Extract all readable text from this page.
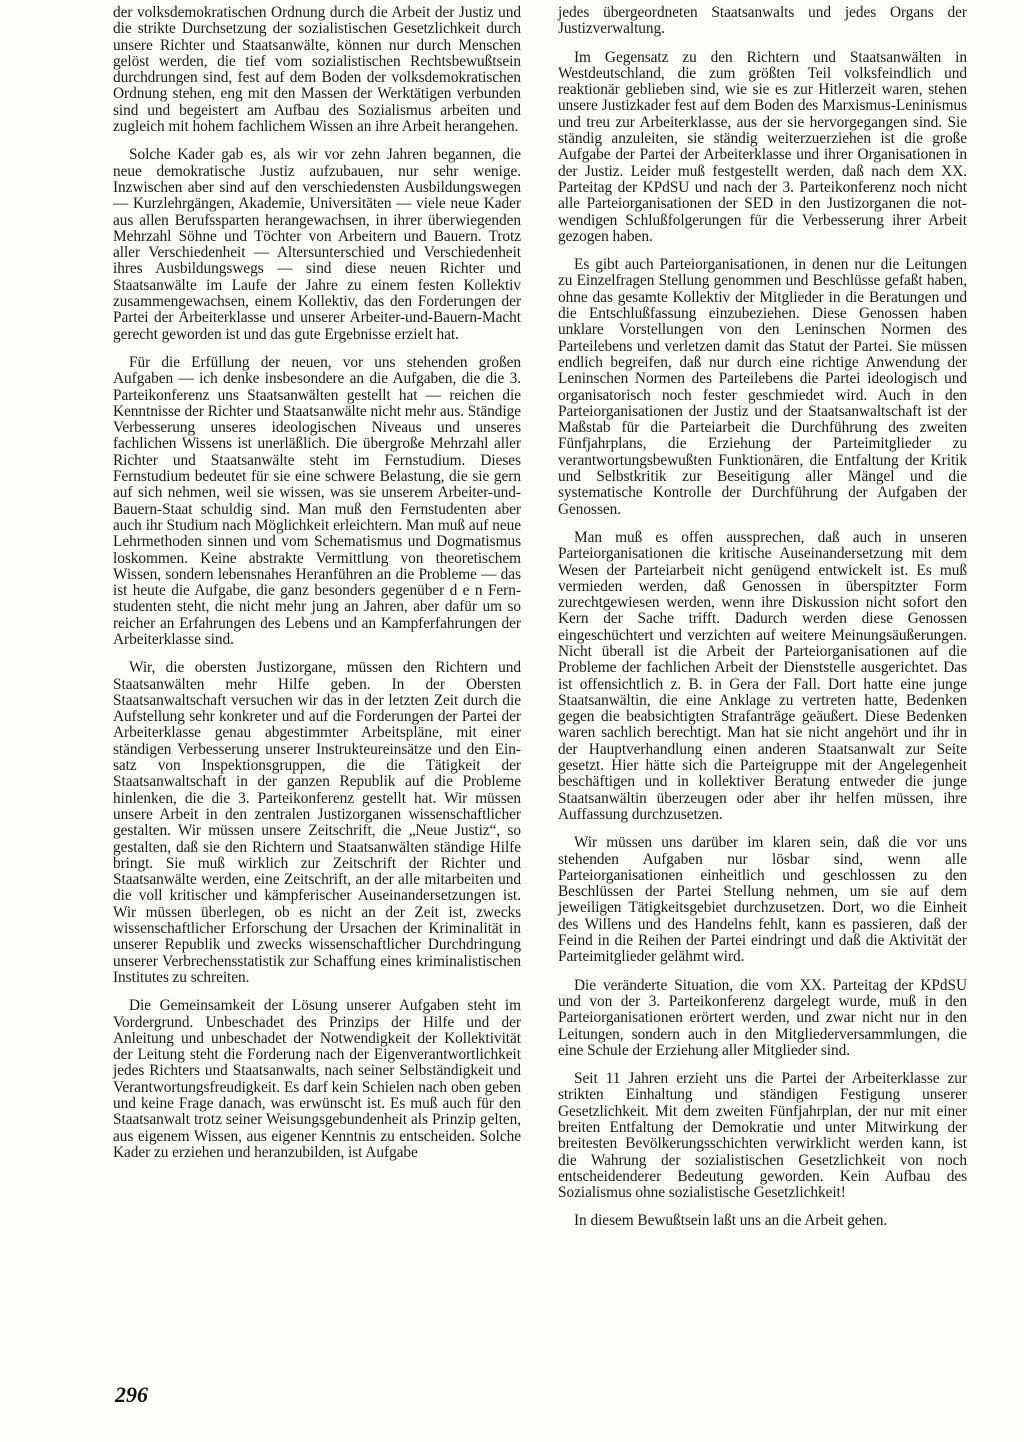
der volksdemokratischen Ordnung durch die Arbeit der Justiz und die strikte Durchsetzung der sozialistischen Gesetzlichkeit durch unsere Richter und Staatsanwälte, können nur durch Menschen gelöst werden, die tief vom sozialistischen Rechtsbewußtsein durchdrungen sind, fest auf dem Boden der volksdemokratischen Ordnung stehen, eng mit den Massen der Werktätigen verbunden sind und begeistert am Aufbau des Sozialismus arbeiten und zugleich mit hohem fachlichem Wissen an ihre Arbeit herangehen.

Solche Kader gab es, als wir vor zehn Jahren begannen, die neue demokratische Justiz aufzubauen, nur sehr wenige. Inzwischen aber sind auf den verschiedensten Ausbildungswegen — Kurzlehrgängen, Akademie, Universitäten — viele neue Kader aus allen Berufssparten herangewachsen, in ihrer überwiegenden Mehrzahl Söhne und Töchter von Arbeitern und Bauern. Trotz aller Verschiedenheit — Altersunterschied und Verschiedenheit ihres Ausbildungswegs — sind diese neuen Richter und Staatsanwälte im Laufe der Jahre zu einem festen Kollektiv zusammengewachsen, einem Kollektiv, das den Forderungen der Partei der Arbeiterklasse und unserer Arbeiter-und-Bauern-Macht gerecht geworden ist und das gute Ergebnisse erzielt hat.

Für die Erfüllung der neuen, vor uns stehenden großen Aufgaben — ich denke insbesondere an die Aufgaben, die die 3. Parteikonferenz uns Staatsanwälten gestellt hat — reichen die Kenntnisse der Richter und Staatsanwälte nicht mehr aus. Ständige Verbesserung unseres ideologischen Niveaus und unseres fachlichen Wissens ist unerläßlich. Die übergroße Mehrzahl aller Richter und Staatsanwälte steht im Fernstudium. Dieses Fernstudium bedeutet für sie eine schwere Belastung, die sie gern auf sich nehmen, weil sie wissen, was sie unserem Arbeiter-und-Bauern-Staat schuldig sind. Man muß den Fernstudenten aber auch ihr Studium nach Möglichkeit erleichtern. Man muß auf neue Lehrmethoden sinnen und vom Schematismus und Dogmatismus loskommen. Keine abstrakte Vermittlung von theoretischem Wissen, sondern lebensnahes Heranführen an die Probleme — das ist heute die Aufgabe, die ganz besonders gegenüber d e n Fernstudenten steht, die nicht mehr jung an Jahren, aber dafür um so reicher an Erfahrungen des Lebens und an Kampferfahrungen der Arbeiterklasse sind.

Wir, die obersten Justizorgane, müssen den Richtern und Staatsanwälten mehr Hilfe geben. In der Obersten Staatsanwaltschaft versuchen wir das in der letzten Zeit durch die Aufstellung sehr konkreter und auf die Forderungen der Partei der Arbeiterklasse genau abgestimmter Arbeitspläne, mit einer ständigen Verbesserung unserer Instrukteureinsätze und den Einsatz von Inspektionsgruppen, die die Tätigkeit der Staatsanwaltschaft in der ganzen Republik auf die Probleme hinlenken, die die 3. Parteikonferenz gestellt hat. Wir müssen unsere Arbeit in den zentralen Justizorganen wissenschaftlicher gestalten. Wir müssen unsere Zeitschrift, die „Neue Justiz“, so gestalten, daß sie den Richtern und Staatsanwälten ständige Hilfe bringt. Sie muß wirklich zur Zeitschrift der Richter und Staatsanwälte werden, eine Zeitschrift, an der alle mitarbeiten und die voll kritischer und kämpferischer Auseinandersetzungen ist. Wir müssen überlegen, ob es nicht an der Zeit ist, zwecks wissenschaftlicher Erforschung der Ursachen der Kriminalität in unserer Republik und zwecks wissenschaftlicher Durchdringung unserer Verbrechensstatistik zur Schaffung eines kriminalistischen Institutes zu schreiten.

Die Gemeinsamkeit der Lösung unserer Aufgaben steht im Vordergrund. Unbeschadet des Prinzips der Hilfe und der Anleitung und unbeschadet der Notwendigkeit der Kollektivität der Leitung steht die Forderung nach der Eigenverantwortlichkeit jedes Richters und Staatsanwalts, nach seiner Selbständigkeit und Verantwortungsfreudigkeit. Es darf kein Schielen nach oben geben und keine Frage danach, was erwünscht ist. Es muß auch für den Staatsanwalt trotz seiner Weisungsgebundenheit als Prinzip gelten, aus eigenem Wissen, aus eigener Kenntnis zu entscheiden. Solche Kader zu erziehen und heranzubilden, ist Aufgabe

jedes übergeordneten Staatsanwalts und jedes Organs der Justizverwaltung.

Im Gegensatz zu den Richtern und Staatsanwälten in Westdeutschland, die zum größten Teil volksfeindlich und reaktionär geblieben sind, wie sie es zur Hitlerzeit waren, stehen unsere Justizkader fest auf dem Boden des Marxismus-Leninismus und treu zur Arbeiterklasse, aus der sie hervorgegangen sind. Sie ständig anzuleiten, sie ständig weiterzuerziehen ist die große Aufgabe der Partei der Arbeiterklasse und ihrer Organisationen in der Justiz. Leider muß festgestellt werden, daß nach dem XX. Parteitag der KPdSU und nach der 3. Parteikonferenz noch nicht alle Parteiorganisationen der SED in den Justizorganen die notwendigen Schlußfolgerungen für die Verbesserung ihrer Arbeit gezogen haben.

Es gibt auch Parteiorganisationen, in denen nur die Leitungen zu Einzelfragen Stellung genommen und Beschlüsse gefaßt haben, ohne das gesamte Kollektiv der Mitglieder in die Beratungen und die Entschlußfassung einzubeziehen. Diese Genossen haben unklare Vorstellungen von den Leninschen Normen des Parteilebens und verletzen damit das Statut der Partei. Sie müssen endlich begreifen, daß nur durch eine richtige Anwendung der Leninschen Normen des Parteilebens die Partei ideologisch und organisatorisch noch fester geschmiedet wird. Auch in den Parteiorganisationen der Justiz und der Staatsanwaltschaft ist der Maßstab für die Parteiarbeit die Durchführung des zweiten Fünfjahrplans, die Erziehung der Parteimitglieder zu verantwortungsbewußten Funktionären, die Entfaltung der Kritik und Selbstkritik zur Beseitigung aller Mängel und die systematische Kontrolle der Durchführung der Aufgaben der Genossen.

Man muß es offen aussprechen, daß auch in unseren Parteiorganisationen die kritische Auseinandersetzung mit dem Wesen der Parteiarbeit nicht genügend entwickelt ist. Es muß vermieden werden, daß Genossen in überspitzter Form zurechtgewiesen werden, wenn ihre Diskussion nicht sofort den Kern der Sache trifft. Dadurch werden diese Genossen eingeschüchtert und verzichten auf weitere Meinungsäußerungen. Nicht überall ist die Arbeit der Parteiorganisationen auf die Probleme der fachlichen Arbeit der Dienststelle ausgerichtet. Das ist offensichtlich z. B. in Gera der Fall. Dort hatte eine junge Staatsanwältin, die eine Anklage zu vertreten hatte, Bedenken gegen die beabsichtigten Strafanträge geäußert. Diese Bedenken waren sachlich berechtigt. Man hat sie nicht angehört und ihr in der Hauptverhandlung einen anderen Staatsanwalt zur Seite gesetzt. Hier hätte sich die Parteigruppe mit der Angelegenheit beschäftigen und in kollektiver Beratung entweder die junge Staatsanwältin überzeugen oder aber ihr helfen müssen, ihre Auffassung durchzusetzen.

Wir müssen uns darüber im klaren sein, daß die vor uns stehenden Aufgaben nur lösbar sind, wenn alle Parteiorganisationen einheitlich und geschlossen zu den Beschlüssen der Partei Stellung nehmen, um sie auf dem jeweiligen Tätigkeitsgebiet durchzusetzen. Dort, wo die Einheit des Willens und des Handelns fehlt, kann es passieren, daß der Feind in die Reihen der Partei eindringt und daß die Aktivität der Parteimitglieder gelähmt wird.

Die veränderte Situation, die vom XX. Parteitag der KPdSU und von der 3. Parteikonferenz dargelegt wurde, muß in den Parteiorganisationen erörtert werden, und zwar nicht nur in den Leitungen, sondern auch in den Mitgliederversammlungen, die eine Schule der Erziehung aller Mitglieder sind.

Seit 11 Jahren erzieht uns die Partei der Arbeiterklasse zur strikten Einhaltung und ständigen Festigung unserer Gesetzlichkeit. Mit dem zweiten Fünfjahrplan, der nur mit einer breiten Entfaltung der Demokratie und unter Mitwirkung der breitesten Bevölkerungsschichten verwirklicht werden kann, ist die Wahrung der sozialistischen Gesetzlichkeit von noch entscheidenderer Bedeutung geworden. Kein Aufbau des Sozialismus ohne sozialistische Gesetzlichkeit!

In diesem Bewußtsein laßt uns an die Arbeit gehen.

296
